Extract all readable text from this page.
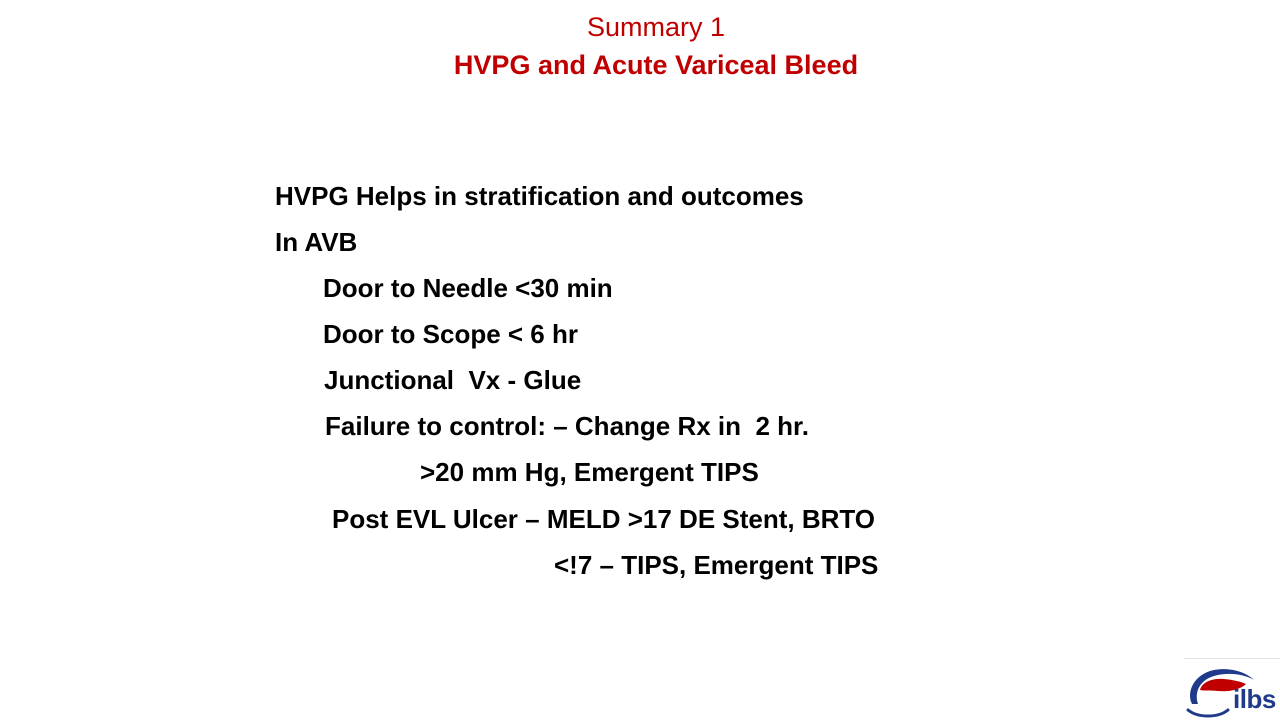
Summary 1
HVPG and Acute Variceal Bleed
HVPG Helps in stratification and outcomes
In AVB
Door to Needle <30 min
Door to Scope < 6 hr
Junctional  Vx - Glue
Failure to control: – Change Rx in  2 hr.
>20 mm Hg, Emergent TIPS
Post EVL Ulcer – MELD >17 DE Stent, BRTO
<!7 – TIPS, Emergent TIPS
ilbs
